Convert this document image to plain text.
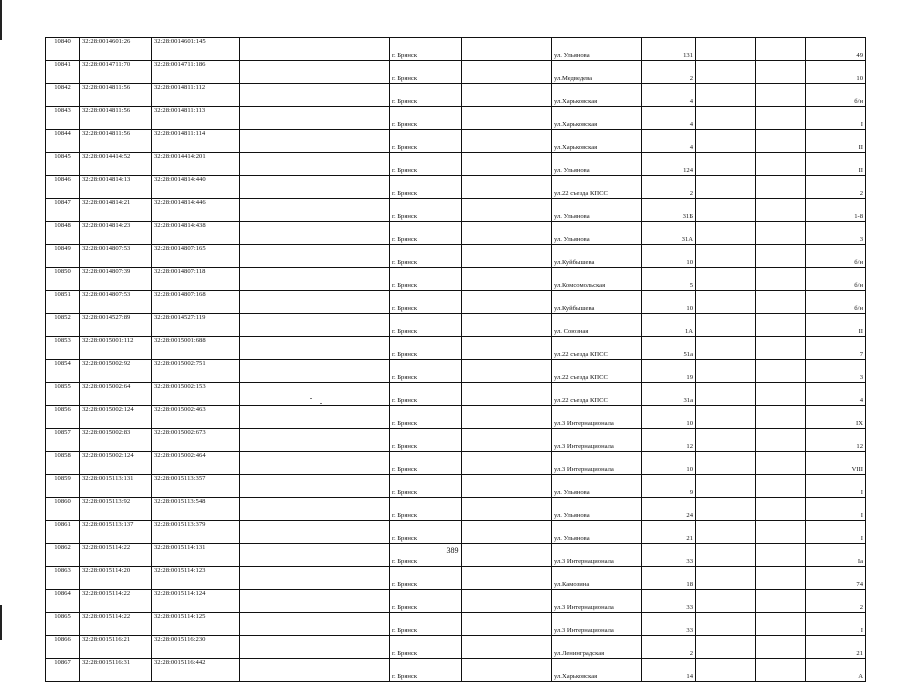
10840	32:28:0014601:26	32:28:0014601:145		г. Брянск		ул. Ульянова	131			49
10841	32:28:0014711:70	32:28:0014711:186		г. Брянск		ул.Медведева	2			10
10842	32:28:0014811:56	32:28:0014811:112		г. Брянск		ул.Харьковская	4			б/н
10843	32:28:0014811:56	32:28:0014811:113		г. Брянск		ул.Харьковская	4			I
10844	32:28:0014811:56	32:28:0014811:114		г. Брянск		ул.Харьковская	4			II
10845	32:28:0014414:52	32:28:0014414:201		г. Брянск		ул. Ульянова	124			II
10846	32:28:0014814:13	32:28:0014814:440		г. Брянск		ул.22 съезда КПСС	2			2
10847	32:28:0014814:21	32:28:0014814:446		г. Брянск		ул. Ульянова	31Б			1-8
10848	32:28:0014814:23	32:28:0014814:438		г. Брянск		ул. Ульянова	31А			3
10849	32:28:0014807:53	32:28:0014807:165		г. Брянск		ул.Куйбышева	10			б/н
10850	32:28:0014807:39	32:28:0014807:118		г. Брянск		ул.Комсомольская	5			б/н
10851	32:28:0014807:53	32:28:0014807:168		г. Брянск		ул.Куйбышева	10			б/н
10852	32:28:0014527:89	32:28:0014527:119		г. Брянск		ул. Союзная	1А			II
10853	32:28:0015001:112	32:28:0015001:688		г. Брянск		ул.22 съезда КПСС	51а			7
10854	32:28:0015002:92	32:28:0015002:751		г. Брянск		ул.22 съезда КПСС	19			3
10855	32:28:0015002:64	32:28:0015002:153		г. Брянск		ул.22 съезда КПСС	31а			4
10856	32:28:0015002:124	32:28:0015002:463		г. Брянск		ул.3 Интернационала	10			IX
10857	32:28:0015002:83	32:28:0015002:673		г. Брянск		ул.3 Интернационала	12			12
10858	32:28:0015002:124	32:28:0015002:464		г. Брянск		ул.3 Интернационала	10			VIII
10859	32:28:0015113:131	32:28:0015113:357		г. Брянск		ул. Ульянова	9			I
10860	32:28:0015113:92	32:28:0015113:548		г. Брянск		ул. Ульянова	24			I
10861	32:28:0015113:137	32:28:0015113:379		г. Брянск		ул. Ульянова	21			I
10862	32:28:0015114:22	32:28:0015114:131		г. Брянск		ул.3 Интернационала	33			Iа
10863	32:28:0015114:20	32:28:0015114:123		г. Брянск		ул.Камозина	18			74
10864	32:28:0015114:22	32:28:0015114:124		г. Брянск		ул.3 Интернационала	33			2
10865	32:28:0015114:22	32:28:0015114:125		г. Брянск		ул.3 Интернационала	33			I
10866	32:28:0015116:21	32:28:0015116:230		г. Брянск		ул.Ленинградская	2			21
10867	32:28:0015116:31	32:28:0015116:442		г. Брянск		ул.Харьковская	14			А
389
